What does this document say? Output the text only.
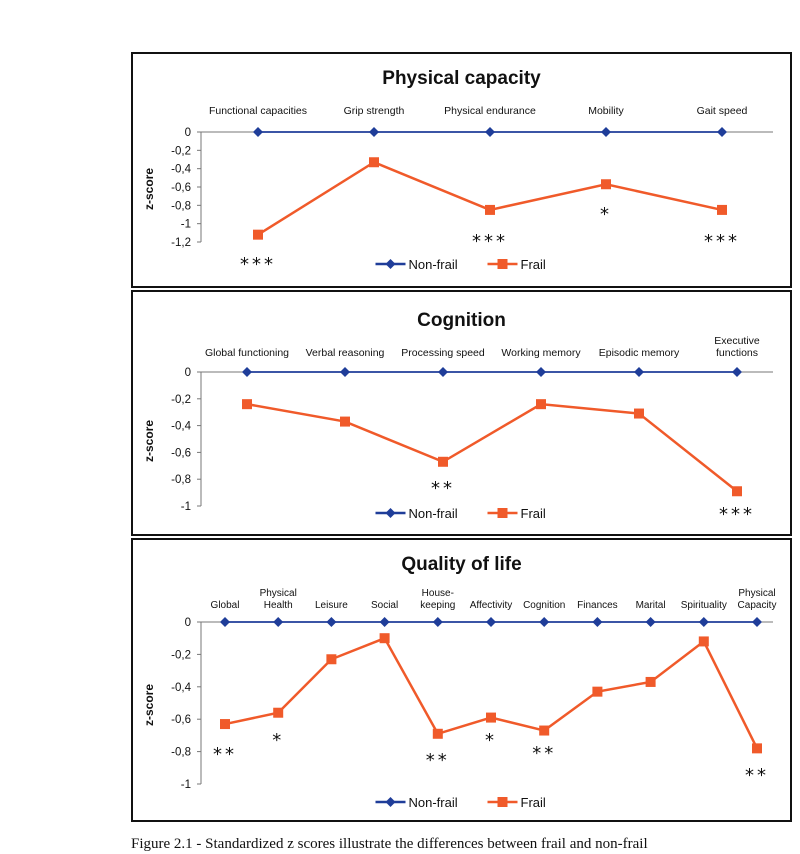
Physical capacity
z-score
0
-0,2
-0,4
-0,6
-0,8
-1
-1,2
Functional capacities	Grip strength	Physical endurance	Mobility	Gait speed
***
***
*
***
Non-frail	Frail
Cognition
z-score
0
-0,2
-0,4
-0,6
-0,8
-1
Global functioning Verbal reasoning Processing speed Working memory Episodic memory
Executive functions
**
***
Non-frail	Frail
Quality of life
z-score
0
-0,2
-0,4
-0,6
-0,8
-1
Global
Physical Health	Leisure Social
House-keeping Affectivity Cognition Finances Marital Spirituality
Physical Capacity
**
*
**
*
**
**
Non-frail	Frail
Figure 2.1 - Standardized z scores illustrate the differences between frail and non-frail
